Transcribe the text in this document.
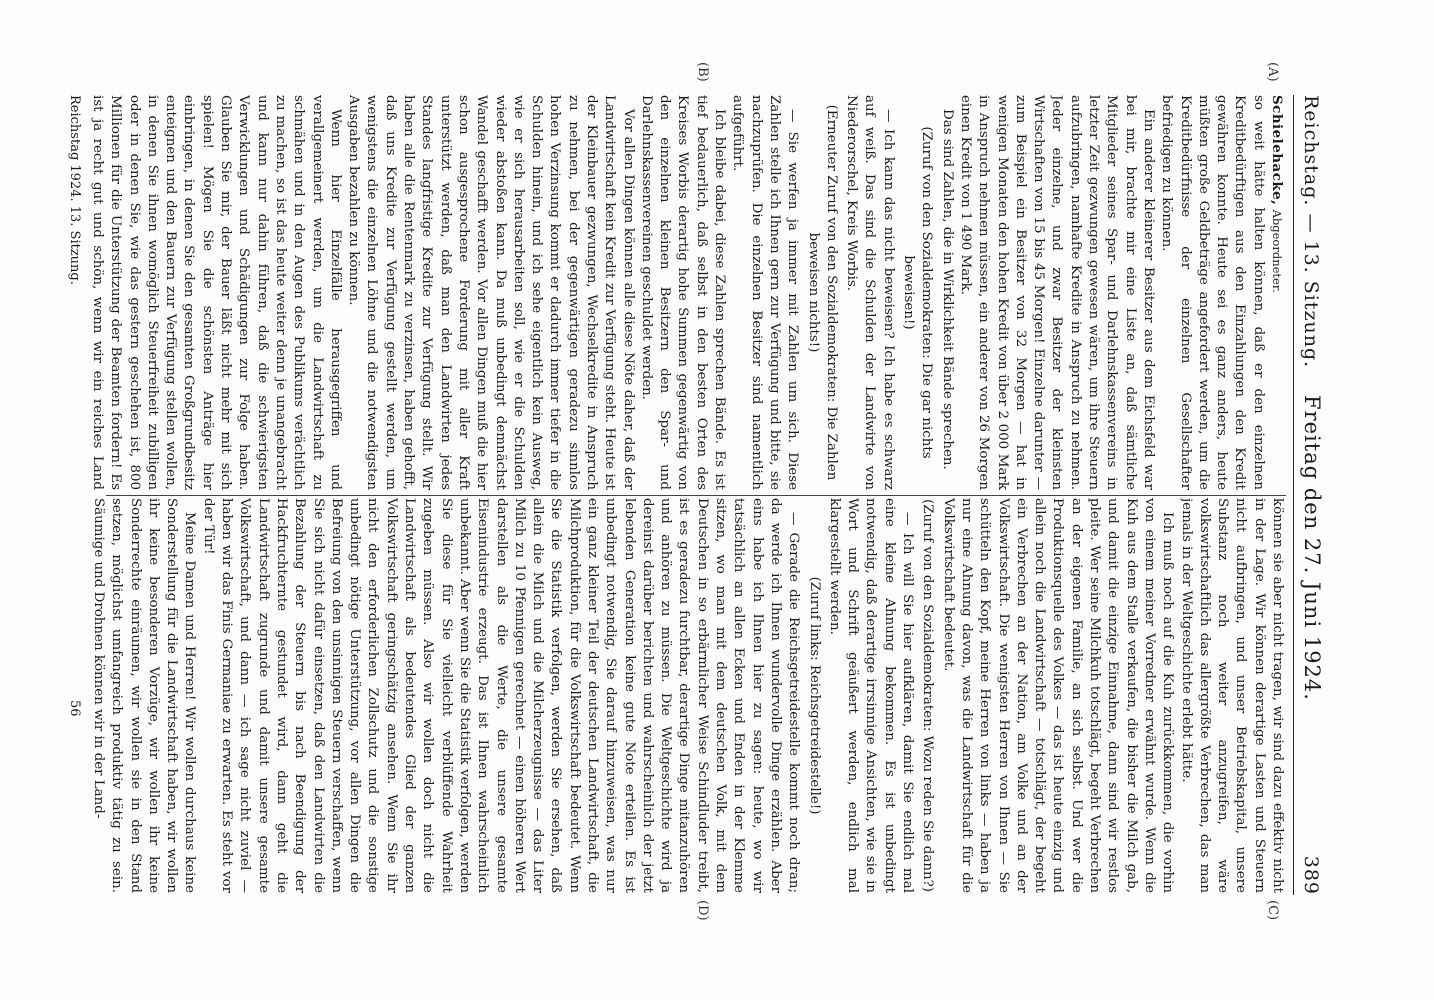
Reichstag. — 13. Sitzung.
Freitag den 27. Juni 1924.
389
(A)
(B)
(C)
(D)

Schielehacke, Abgeordneter.

so weit hätte halten können, daß er den einzelnen Kreditbedürftigen aus den Einzahlungen den Kredit gewähren konnte. Heute sei es ganz anders, heute müßten große Geldbeträge angefordert werden, um die Kreditbedürfnisse der einzelnen Gesellschafter befriedigen zu können.

Ein anderer kleinerer Besitzer aus dem Eichsfeld war bei mir, brachte mir eine Liste an, daß sämtliche Mitglieder seines Spar- und Darlehnskassenvereins in letzter Zeit gezwungen gewesen wären, um ihre Steuern aufzubringen, namhafte Kredite in Anspruch zu nehmen. Jeder einzelne, und zwar Besitzer der kleinsten Wirtschaften von 15 bis 45 Morgen! Einzelne darunter — zum Beispiel ein Besitzer von 32 Morgen — hat in wenigen Monaten den hohen Kredit von über 2 000 Mark in Anspruch nehmen müssen, ein anderer von 26 Morgen einen Kredit von 1 490 Mark.

Das sind Zahlen, die in Wirklichkeit Bände sprechen.

(Zuruf von den Sozialdemokraten: Die gar nichts beweisen!)

— Ich kann das nicht beweisen? Ich habe es schwarz auf weiß. Das sind die Schulden der Landwirte von Niederorschel, Kreis Worbis.

(Erneuter Zuruf von den Sozialdemokraten: Die Zahlen beweisen nichts!)

— Sie werfen ja immer mit Zahlen um sich. Diese Zahlen stelle ich Ihnen gern zur Verfügung und bitte, sie nachzuprüfen. Die einzelnen Besitzer sind namentlich aufgeführt.

Ich bleibe dabei, diese Zahlen sprechen Bände. Es ist tief bedauerlich, daß selbst in den besten Orten des Kreises Worbis derartig hohe Summen gegenwärtig von den einzelnen kleinen Besitzern den Spar- und Darlehnskassenvereinen geschuldet werden.

Vor allen Dingen können alle diese Nöte daher, daß der Landwirtschaft kein Kredit zur Verfügung steht. Heute ist der Kleinbauer gezwungen, Wechselkredite in Anspruch zu nehmen, bei der gegenwärtigen geradezu sinnlos hohen Verzinsung kommt er dadurch immer tiefer in die Schulden hinein, und ich sehe eigentlich kein Ausweg, wie er sich herausarbeiten soll, wie er die Schulden wieder abstoßen kann. Da muß unbedingt demnächst Wandel geschafft werden. Vor allen Dingen muß die hier schon ausgesprochene Forderung mit aller Kraft unterstützt werden, daß man den Landwirten jedes Standes langfristige Kredite zur Verfügung stellt. Wir haben alle die Rentenmark zu verzinsen, haben gehofft, daß uns Kredite zur Verfügung gestellt werden, um wenigstens die einzelnen Löhne und die notwendigsten Ausgaben bezahlen zu können.

Wenn hier Einzelfälle herausgegriffen und verallgemeinert werden, um die Landwirtschaft zu schmähen und in den Augen des Publikums verächtlich zu machen, so ist das heute weiter denn je unangebracht und kann nur dahin führen, daß die schwierigsten Verwicklungen und Schädigungen zur Folge haben. Glauben Sie mir, der Bauer läßt nicht mehr mit sich spielen! Mögen Sie die schönsten Anträge hier einbringen, in denen Sie den gesamten Großgrundbesitz enteignen und den Bauern zur Verfügung stellen wollen, in denen Sie ihnen womöglich Steuerfreiheit zubilligen oder in denen Sie, wie das gestern geschehen ist, 800 Millionen für die Unterstützung der Beamten fordern! Es ist ja recht gut und schön, wenn wir ein reiches Land

können sie aber nicht tragen, wir sind dazu effektiv nicht in der Lage. Wir können derartige Lasten und Steuern nicht aufbringen, und unser Betriebskapital, unsere Substanz noch weiter anzugreifen, wäre volkswirtschaftlich das allergrößte Verbrechen, das man jemals in der Weltgeschichte erlebt hätte.

Ich muß noch auf die Kuh zurückkommen, die vorhin von einem meiner Vorredner erwähnt wurde. Wenn die Kuh aus dem Stalle verkaufen, die bisher die Milch gab, und damit die einzige Einnahme, dann sind wir restlos pleite. Wer seine Milchkuh totschlägt, begeht Verbrechen an der eigenen Familie, an sich selbst. Und wer die Produktionsquelle des Volkes — das ist heute einzig und allein noch die Landwirtschaft — totschlägt, der begeht ein Verbrechen an der Nation, am Volke und an der Volkswirtschaft. Die wenigsten Herren von Ihnen — Sie schütteln den Kopf, meine Herren von links — haben ja nur eine Ahnung davon, was die Landwirtschaft für die Volkswirtschaft bedeutet.

(Zuruf von den Sozialdemokraten: Wozu reden Sie dann?)

— Ich will Sie hier aufklären, damit Sie endlich mal eine kleine Ahnung bekommen. Es ist unbedingt notwendig, daß derartige irrsinnige Ansichten, wie sie in Wort und Schrift geäußert werden, endlich mal klargestellt werden.

(Zuruf links: Reichsgetreidestelle!)

— Gerade die Reichsgetreidestelle kommt noch dran; da werde ich Ihnen wundervolle Dinge erzählen. Aber eins habe ich Ihnen hier zu sagen: heute, wo wir tatsächlich an allen Ecken und Enden in der Klemme sitzen, wo man mit dem deutschen Volk, mit dem Deutschen in so erbärmlicher Weise Schindluder treibt, ist es geradezu furchtbar, derartige Dinge mitanzuhören und anhören zu müssen. Die Weltgeschichte wird ja dereinst darüber berichten und wahrscheinlich der jetzt lebenden Generation keine gute Note erteilen. Es ist unbedingt notwendig, Sie darauf hinzuweisen, was nur ein ganz kleiner Teil der deutschen Landwirtschaft, die Milchproduktion, für die Volkswirtschaft bedeutet. Wenn Sie die Statistik verfolgen, werden Sie ersehen, daß allein die Milch und die Milcherzeugnisse — das Liter Milch zu 10 Pfennigen gerechnet — einen höheren Wert darstellen als die Werte, die unsere gesamte Eisenindustrie erzeugt. Das ist Ihnen wahrscheinlich unbekannt. Aber wenn Sie die Statistik verfolgen, werden Sie diese für Sie vielleicht verblüffende Wahrheit zugeben müssen. Also wir wollen doch nicht die Landwirtschaft als bedeutendes Glied der ganzen Volkswirtschaft geringschätzig ansehen. Wenn Sie ihr nicht den erforderlichen Zollschutz und die sonstige unbedingt nötige Unterstützung, vor allen Dingen die Befreiung von den unsinnigen Steuern verschaffen, wenn Sie sich nicht dafür einsetzen, daß den Landwirten die Bezahlung der Steuern bis nach Beendigung der Hackfruchternte gestundet wird, dann geht die Landwirtschaft zugrunde und damit unsere gesamte Volkswirtschaft, und dann — ich sage nicht zuviel — haben wir das Finis Germaniae zu erwarten. Es steht vor der Tür!

Meine Damen und Herren! Wir wollen durchaus keine Sonderstellung für die Landwirtschaft haben, wir wollen ihr keine besonderen Vorzüge, wir wollen ihr keine Sonderrechte einräumen, wir wollen sie in den Stand setzen, möglichst umfangreich produktiv tätig zu sein. Säumige und Drohnen können wir in der Land-

Reichstag 1924. 13. Sitzung.
56
